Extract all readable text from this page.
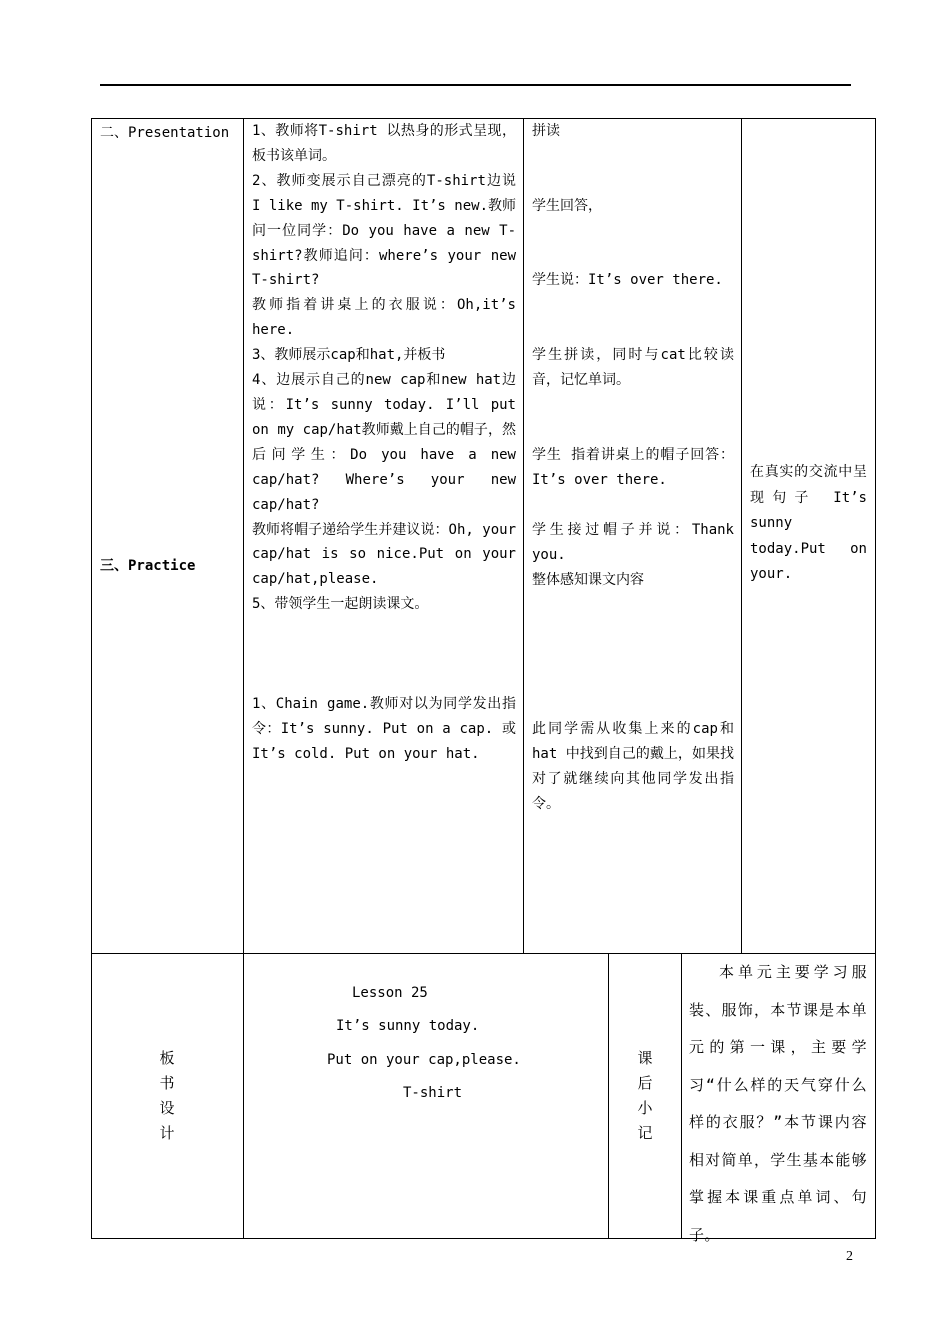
二、Presentation
三、Practice

1、教师将T-shirt 以热身的形式呈现，板书该单词。

2、教师变展示自己漂亮的T-shirt边说 I like my T-shirt. It’s new.教师问一位同学：Do you have a new T- shirt?教师追问：where’s your new T-shirt?

教师指着讲桌上的衣服说：Oh,it’s here.

3、教师展示cap和hat,并板书

4、边展示自己的new cap和new hat边说：It’s sunny today. I’ll put on my cap/hat教师戴上自己的帽子，然后问学生：Do you have a new cap/hat? Where’s your new cap/hat?

教师将帽子递给学生并建议说：Oh, your cap/hat is so nice.Put on your cap/hat,please.

5、带领学生一起朗读课文。

1、Chain game.教师对以为同学发出指令：It’s sunny. Put on a cap. 或 It’s cold. Put on your hat.
拼读
学生回答，
学生说：It’s over there.
学生拼读，同时与cat比较读音，记忆单词。
学生 指着讲桌上的帽子回答：It’s over there.
学生接过帽子并说：Thank you.
整体感知课文内容
此同学需从收集上来的cap和hat 中找到自己的戴上，如果找对了就继续向其他同学发出指令。
在真实的交流中呈现句子 It’s sunny today.Put on your.
板
书
设
计
Lesson 25
It’s sunny today.
Put on your cap,please.
T-shirt
课
后
小
记
本单元主要学习服装、服饰，本节课是本单元的第一课，主要学习“什么样的天气穿什么样的衣服？”本节课内容相对简单，学生基本能够掌握本课重点单词、句子。
2
